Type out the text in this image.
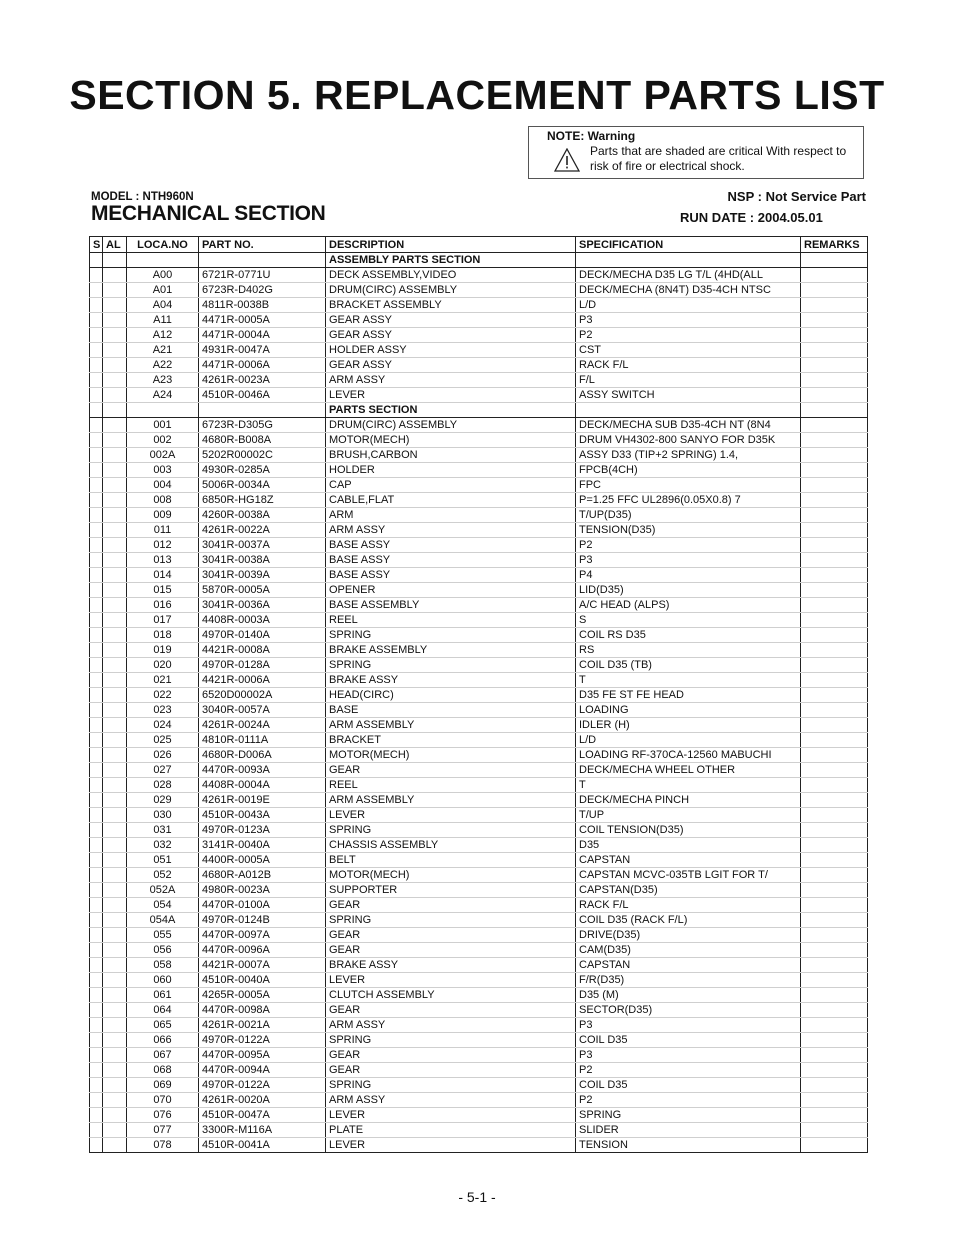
SECTION 5. REPLACEMENT PARTS LIST
NOTE: Warning
Parts that are shaded are critical With respect to risk of fire or electrical shock.
MODEL : NTH960N
MECHANICAL SECTION
NSP : Not Service Part
RUN DATE : 2004.05.01
S	AL	LOCA.NO	PART NO.	DESCRIPTION	SPECIFICATION	REMARKS
				ASSEMBLY PARTS SECTION		
		A00	6721R-0771U	DECK ASSEMBLY,VIDEO	DECK/MECHA D35 LG T/L (4HD(ALL	
		A01	6723R-D402G	DRUM(CIRC) ASSEMBLY	DECK/MECHA (8N4T) D35-4CH NTSC	
		A04	4811R-0038B	BRACKET ASSEMBLY	L/D	
		A11	4471R-0005A	GEAR ASSY	P3	
		A12	4471R-0004A	GEAR ASSY	P2	
		A21	4931R-0047A	HOLDER ASSY	CST	
		A22	4471R-0006A	GEAR ASSY	RACK F/L	
		A23	4261R-0023A	ARM ASSY	F/L	
		A24	4510R-0046A	LEVER	ASSY SWITCH	
				PARTS SECTION		
		001	6723R-D305G	DRUM(CIRC) ASSEMBLY	DECK/MECHA SUB D35-4CH NT (8N4	
		002	4680R-B008A	MOTOR(MECH)	DRUM VH4302-800 SANYO FOR D35K	
		002A	5202R00002C	BRUSH,CARBON	ASSY D33 (TIP+2 SPRING) 1.4,	
		003	4930R-0285A	HOLDER	FPCB(4CH)	
		004	5006R-0034A	CAP	FPC	
		008	6850R-HG18Z	CABLE,FLAT	P=1.25 FFC UL2896(0.05X0.8) 7	
		009	4260R-0038A	ARM	T/UP(D35)	
		011	4261R-0022A	ARM ASSY	TENSION(D35)	
		012	3041R-0037A	BASE ASSY	P2	
		013	3041R-0038A	BASE ASSY	P3	
		014	3041R-0039A	BASE ASSY	P4	
		015	5870R-0005A	OPENER	LID(D35)	
		016	3041R-0036A	BASE ASSEMBLY	A/C HEAD (ALPS)	
		017	4408R-0003A	REEL	S	
		018	4970R-0140A	SPRING	COIL RS D35	
		019	4421R-0008A	BRAKE ASSEMBLY	RS	
		020	4970R-0128A	SPRING	COIL D35 (TB)	
		021	4421R-0006A	BRAKE ASSY	T	
		022	6520D00002A	HEAD(CIRC)	D35 FE ST FE HEAD	
		023	3040R-0057A	BASE	LOADING	
		024	4261R-0024A	ARM ASSEMBLY	IDLER (H)	
		025	4810R-0111A	BRACKET	L/D	
		026	4680R-D006A	MOTOR(MECH)	LOADING RF-370CA-12560 MABUCHI	
		027	4470R-0093A	GEAR	DECK/MECHA WHEEL OTHER	
		028	4408R-0004A	REEL	T	
		029	4261R-0019E	ARM ASSEMBLY	DECK/MECHA PINCH	
		030	4510R-0043A	LEVER	T/UP	
		031	4970R-0123A	SPRING	COIL TENSION(D35)	
		032	3141R-0040A	CHASSIS ASSEMBLY	D35	
		051	4400R-0005A	BELT	CAPSTAN	
		052	4680R-A012B	MOTOR(MECH)	CAPSTAN MCVC-035TB LGIT FOR T/	
		052A	4980R-0023A	SUPPORTER	CAPSTAN(D35)	
		054	4470R-0100A	GEAR	RACK F/L	
		054A	4970R-0124B	SPRING	COIL D35 (RACK F/L)	
		055	4470R-0097A	GEAR	DRIVE(D35)	
		056	4470R-0096A	GEAR	CAM(D35)	
		058	4421R-0007A	BRAKE ASSY	CAPSTAN	
		060	4510R-0040A	LEVER	F/R(D35)	
		061	4265R-0005A	CLUTCH ASSEMBLY	D35 (M)	
		064	4470R-0098A	GEAR	SECTOR(D35)	
		065	4261R-0021A	ARM ASSY	P3	
		066	4970R-0122A	SPRING	COIL D35	
		067	4470R-0095A	GEAR	P3	
		068	4470R-0094A	GEAR	P2	
		069	4970R-0122A	SPRING	COIL D35	
		070	4261R-0020A	ARM ASSY	P2	
		076	4510R-0047A	LEVER	SPRING	
		077	3300R-M116A	PLATE	SLIDER	
		078	4510R-0041A	LEVER	TENSION	
- 5-1 -
